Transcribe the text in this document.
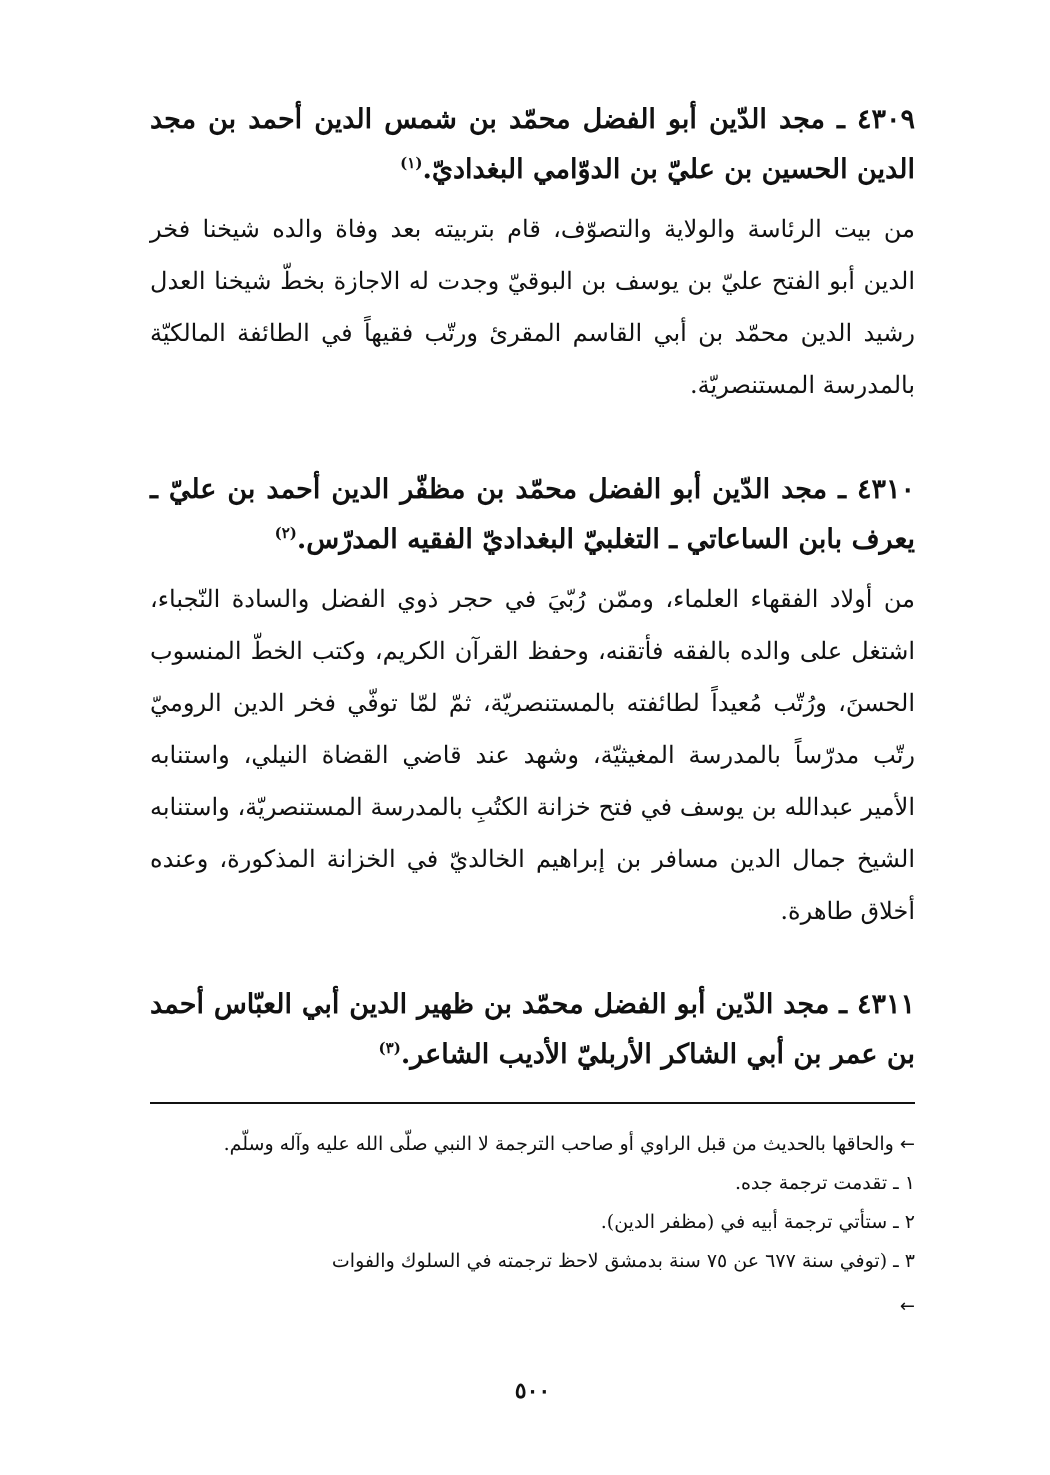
٤٣٠٩ ـ مجد الدّين أبو الفضل محمّد بن شمس الدين أحمد بن مجد الدين الحسين بن عليّ بن الدوّامي البغداديّ.$^{(١)}$

من بيت الرئاسة والولاية والتصوّف، قام بتربيته بعد وفاة والده شيخنا فخر الدين أبو الفتح عليّ بن يوسف بن البوقيّ وجدت له الاجازة بخطّ شيخنا العدل رشيد الدين محمّد بن أبي القاسم المقرئ ورتّب فقيهاً في الطائفة المالكيّة بالمدرسة المستنصريّة.

٤٣١٠ ـ مجد الدّين أبو الفضل محمّد بن مظفّر الدين أحمد بن عليّ ـ يعرف بابن الساعاتي ـ التغلبيّ البغداديّ الفقيه المدرّس.$^{(٢)}$

من أولاد الفقهاء العلماء، وممّن رُبّيَ في حجر ذوي الفضل والسادة النّجباء، اشتغل على والده بالفقه فأتقنه، وحفظ القرآن الكريم، وكتب الخطّ المنسوب الحسنَ، ورُتّب مُعيداً لطائفته بالمستنصريّة، ثمّ لمّا توفّي فخر الدين الروميّ رتّب مدرّساً بالمدرسة المغيثيّة، وشهد عند قاضي القضاة النيلي، واستنابه الأمير عبدالله بن يوسف في فتح خزانة الكتُبِ بالمدرسة المستنصريّة، واستنابه الشيخ جمال الدين مسافر بن إبراهيم الخالديّ في الخزانة المذكورة، وعنده أخلاق طاهرة.

٤٣١١ ـ مجد الدّين أبو الفضل محمّد بن ظهير الدين أبي العبّاس أحمد بن عمر بن أبي الشاكر الأربليّ الأديب الشاعر.$^{(٣)}$

← والحاقها بالحديث من قبل الراوي أو صاحب الترجمة لا النبي صلّى الله عليه وآله وسلّم.

١ ـ تقدمت ترجمة جده.

٢ ـ ستأتي ترجمة أبيه في (مظفر الدين).

٣ ـ (توفي سنة ٦٧٧ عن ٧٥ سنة بدمشق لاحظ ترجمته في السلوك والفوات

←
٥٠٠
